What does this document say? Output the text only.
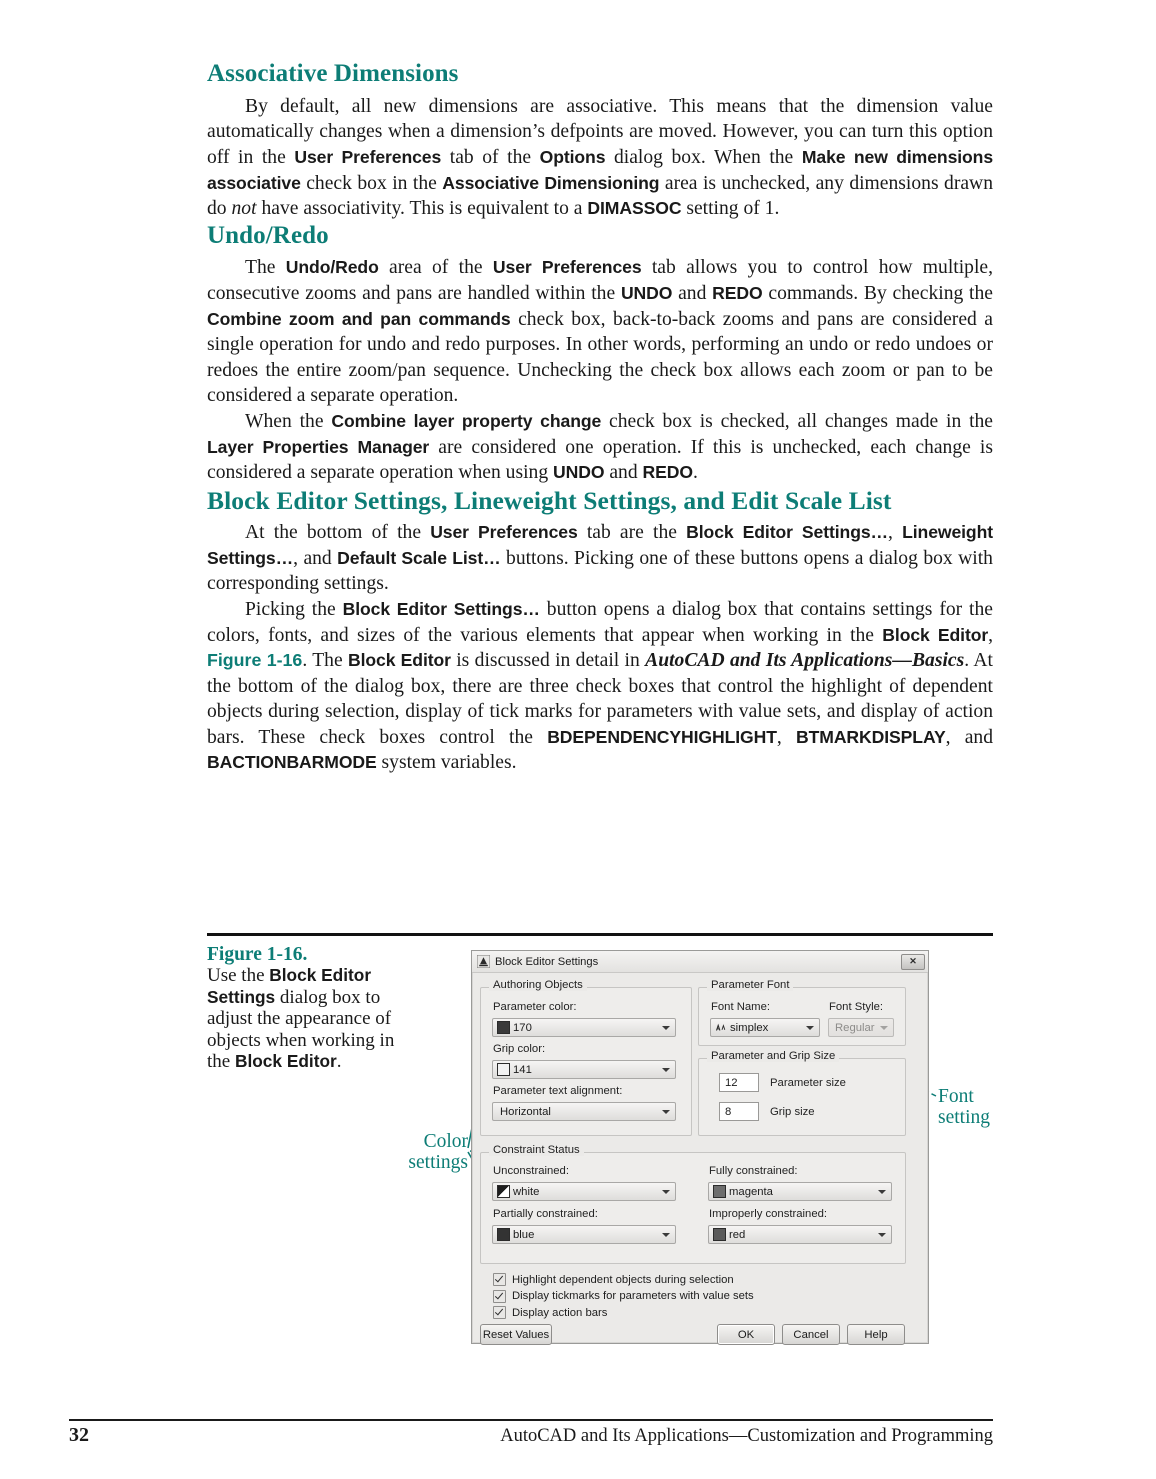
Associative Dimensions

By default, all new dimensions are associative. This means that the dimension value automatically changes when a dimension’s defpoints are moved. However, you can turn this option off in the User Preferences tab of the Options dialog box. When the Make new dimensions associative check box in the Associative Dimensioning area is unchecked, any dimensions drawn do not have associativity. This is equivalent to a DIMASSOC setting of 1.

Undo/Redo

The Undo/Redo area of the User Preferences tab allows you to control how multiple, consecutive zooms and pans are handled within the UNDO and REDO commands. By checking the Combine zoom and pan commands check box, back-to-back zooms and pans are considered a single operation for undo and redo purposes. In other words, performing an undo or redo undoes or redoes the entire zoom/pan sequence. Unchecking the check box allows each zoom or pan to be considered a separate operation.

When the Combine layer property change check box is checked, all changes made in the Layer Properties Manager are considered one operation. If this is unchecked, each change is considered a separate operation when using UNDO and REDO.

Block Editor Settings, Lineweight Settings, and Edit Scale List

At the bottom of the User Preferences tab are the Block Editor Settings…, Lineweight Settings…, and Default Scale List… buttons. Picking one of these buttons opens a dialog box with corresponding settings.

Picking the Block Editor Settings… button opens a dialog box that contains settings for the colors, fonts, and sizes of the various elements that appear when working in the Block Editor, Figure 1-16. The Block Editor is discussed in detail in AutoCAD and Its Applications—Basics. At the bottom of the dialog box, there are three check boxes that control the highlight of dependent objects during selection, display of tick marks for parameters with value sets, and display of action bars. These check boxes control the BDEPENDENCYHIGHLIGHT, BTMARKDISPLAY, and BACTIONBARMODE system variables.

Figure 1-16.
Use the Block Editor Settings dialog box to adjust the appearance of objects when working in the Block Editor.
Color
settings
Font
setting
Block Editor Settings	✕
Authoring Objects
Parameter color:
170
Grip color:
141
Parameter text alignment:
Horizontal
Parameter Font
Font Name:	Font Style:
simplex	Regular
Parameter and Grip Size
12	Parameter size
8	Grip size
Constraint Status
Unconstrained:
white
Fully constrained:
magenta
Partially constrained:
blue
Improperly constrained:
red
Highlight dependent objects during selection
Display tickmarks for parameters with value sets
Display action bars
Reset Values	OK	Cancel	Help
32	AutoCAD and Its Applications—Customization and Programming
